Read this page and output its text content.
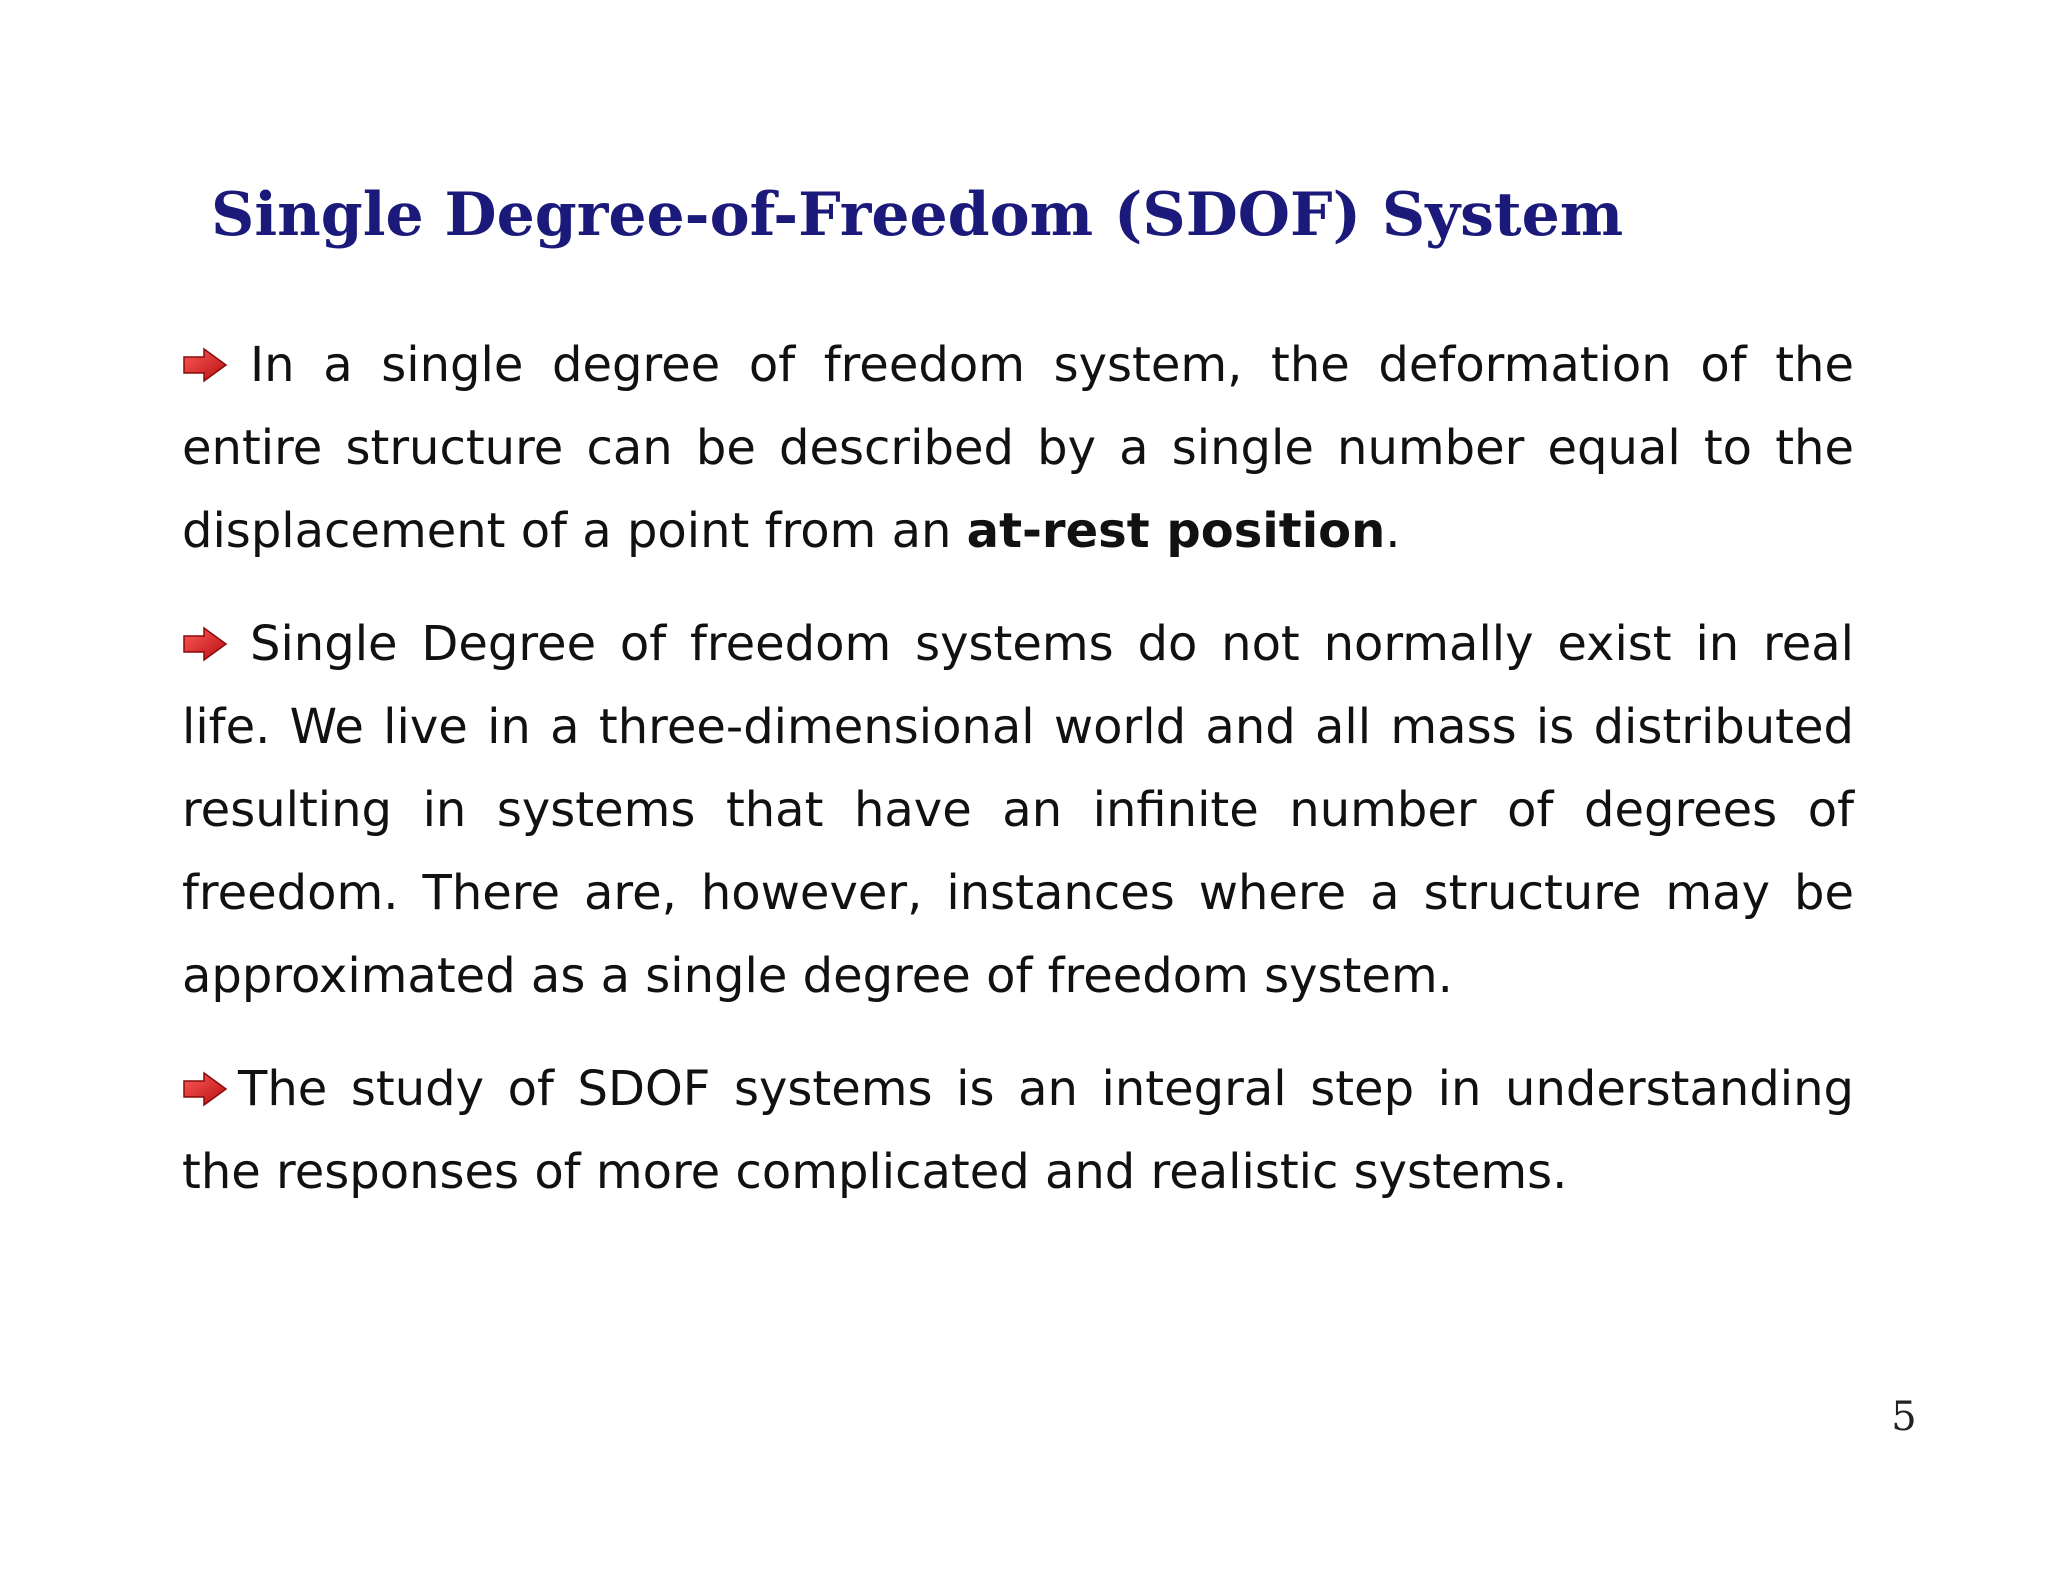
Single Degree-of-Freedom (SDOF) System

In a single degree of freedom system, the deformation of the entire structure can be described by a single number equal to the displacement of a point from an at-rest position.

Single Degree of freedom systems do not normally exist in real life. We live in a three-dimensional world and all mass is distributed resulting in systems that have an infinite number of degrees of freedom. There are, however, instances where a structure may be approximated as a single degree of freedom system.

The study of SDOF systems is an integral step in understanding the responses of more complicated and realistic systems.

5
